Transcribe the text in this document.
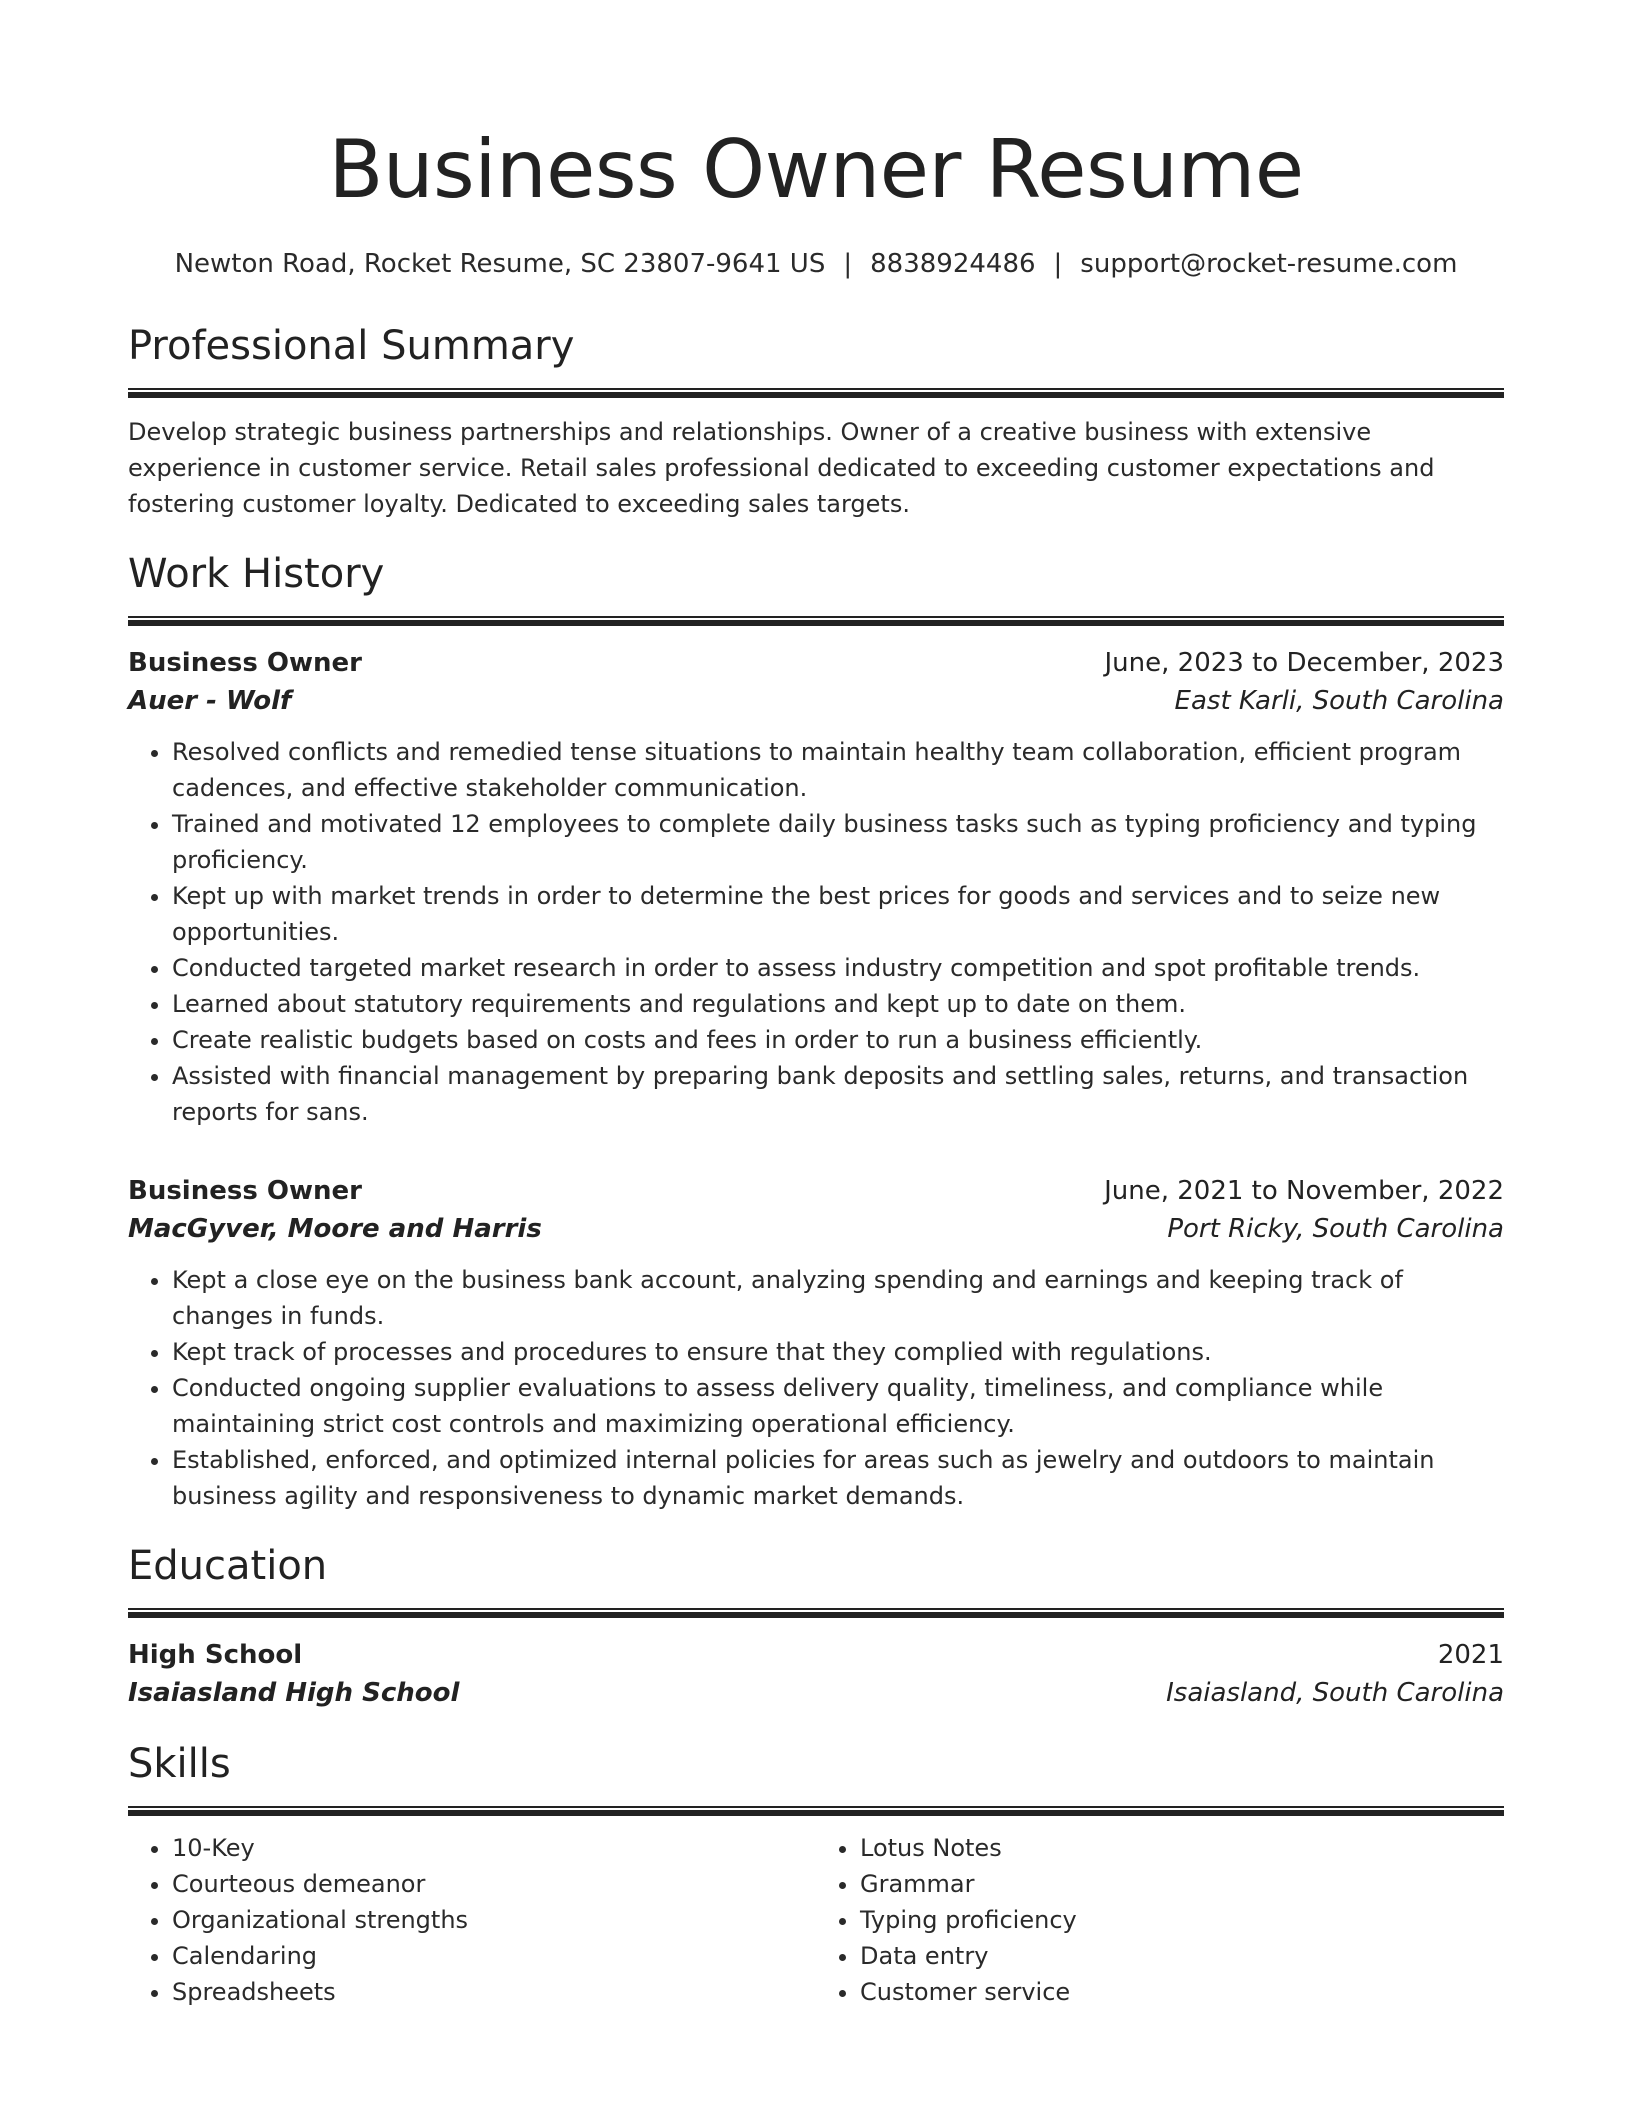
Business Owner Resume
Newton Road, Rocket Resume, SC 23807-9641 US | 8838924486 | support@rocket-resume.com
Professional Summary
Develop strategic business partnerships and relationships. Owner of a creative business with extensive experience in customer service. Retail sales professional dedicated to exceeding customer expectations and fostering customer loyalty. Dedicated to exceeding sales targets.
Work History
Business Owner	June, 2023 to December, 2023
Auer - Wolf	East Karli, South Carolina
• Resolved conflicts and remedied tense situations to maintain healthy team collaboration, efficient program cadences, and effective stakeholder communication.
• Trained and motivated 12 employees to complete daily business tasks such as typing proficiency and typing proficiency.
• Kept up with market trends in order to determine the best prices for goods and services and to seize new opportunities.
• Conducted targeted market research in order to assess industry competition and spot profitable trends.
• Learned about statutory requirements and regulations and kept up to date on them.
• Create realistic budgets based on costs and fees in order to run a business efficiently.
• Assisted with financial management by preparing bank deposits and settling sales, returns, and transaction reports for sans.
Business Owner	June, 2021 to November, 2022
MacGyver, Moore and Harris	Port Ricky, South Carolina
• Kept a close eye on the business bank account, analyzing spending and earnings and keeping track of changes in funds.
• Kept track of processes and procedures to ensure that they complied with regulations.
• Conducted ongoing supplier evaluations to assess delivery quality, timeliness, and compliance while maintaining strict cost controls and maximizing operational efficiency.
• Established, enforced, and optimized internal policies for areas such as jewelry and outdoors to maintain business agility and responsiveness to dynamic market demands.
Education
High School	2021
Isaiasland High School	Isaiasland, South Carolina
Skills
• 10-Key
• Courteous demeanor
• Organizational strengths
• Calendaring
• Spreadsheets
• Lotus Notes
• Grammar
• Typing proficiency
• Data entry
• Customer service
